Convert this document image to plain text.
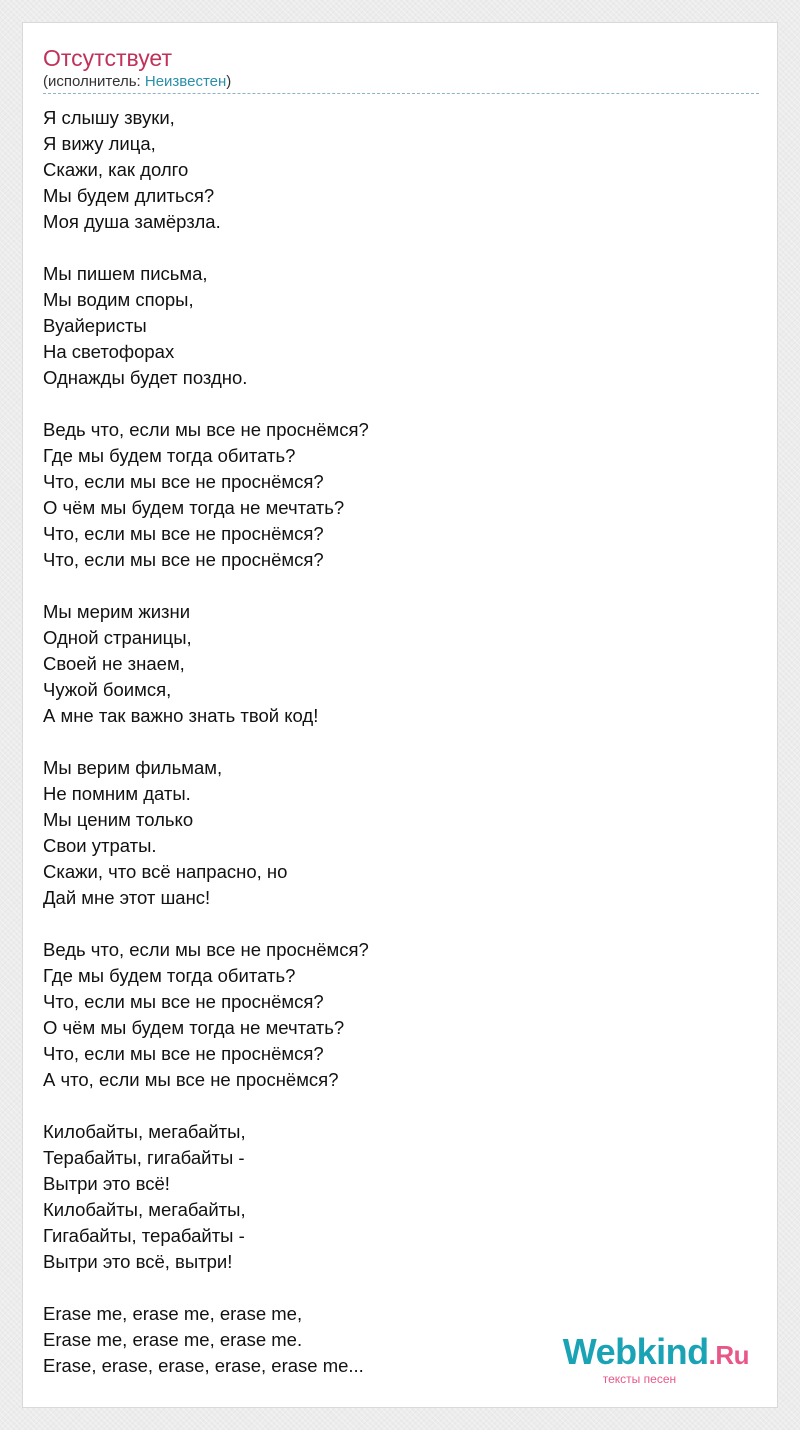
Отсутствует
(исполнитель: Неизвестен)
Я слышу звуки,
Я вижу лица,
Скажи, как долго
Мы будем длиться?
Моя душа замёрзла.
Мы пишем письма,
Мы водим споры,
Вуайеристы
На светофорах
Однажды будет поздно.
Ведь что, если мы все не проснёмся?
Где мы будем тогда обитать?
Что, если мы все не проснёмся?
О чём мы будем тогда не мечтать?
Что, если мы все не проснёмся?
Что, если мы все не проснёмся?
Мы мерим жизни
Одной страницы,
Своей не знаем,
Чужой боимся,
А мне так важно знать твой код!
Мы верим фильмам,
Не помним даты.
Мы ценим только
Свои утраты.
Скажи, что всё напрасно, но
Дай мне этот шанс!
Ведь что, если мы все не проснёмся?
Где мы будем тогда обитать?
Что, если мы все не проснёмся?
О чём мы будем тогда не мечтать?
Что, если мы все не проснёмся?
А что, если мы все не проснёмся?
Килобайты, мегабайты,
Терабайты, гигабайты -
Вытри это всё!
Килобайты, мегабайты,
Гигабайты, терабайты -
Вытри это всё, вытри!
Erase me, erase me, erase me,
Erase me, erase me, erase me.
Erase, erase, erase, erase, erase me...	Webkind.Ru
тексты песен
